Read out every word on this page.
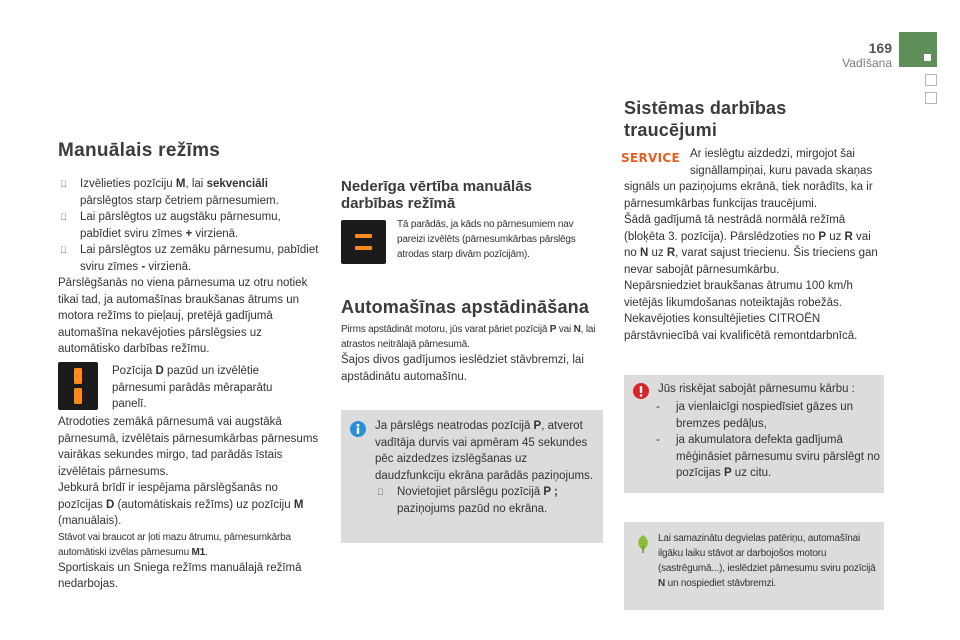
169
Vadīšana
Manuālais režīms
Izvēlieties pozīciju M, lai sekvenciāli pārslēgtos starp četriem pārnesumiem.
Lai pārslēgtos uz augstāku pārnesumu, pabīdiet sviru zīmes + virzienā.
Lai pārslēgtos uz zemāku pārnesumu, pabīdiet sviru zīmes - virzienā.

Pārslēgšanās no viena pārnesuma uz otru notiek tikai tad, ja automašīnas braukšanas ātrums un motora režīms to pieļauj, pretējā gadījumā automašīna nekavējoties pārslēgsies uz automātisko darbības režīmu.

Pozīcija D pazūd un izvēlētie pārnesumi parādās mēraparātu panelī.

Atrodoties zemākā pārnesumā vai augstākā pārnesumā, izvēlētais pārnesumkārbas pārnesums vairākas sekundes mirgo, tad parādās īstais izvēlētais pārnesums.

Jebkurā brīdī ir iespējama pārslēgšanās no pozīcijas D (automātiskais režīms) uz pozīciju M (manuālais).

Stāvot vai braucot ar ļoti mazu ātrumu, pārnesumkārba automātiski izvēlas pārnesumu M1.

Sportiskais un Sniega režīms manuālajā režīmā nedarbojas.

Nederīga vērtība manuālās
darbības režīmā
Tā parādās, ja kāds no pārnesumiem nav pareizi izvēlēts (pārnesumkārbas pārslēgs atrodas starp divām pozīcijām).
Automašīnas apstādināšana
Pirms apstādināt motoru, jūs varat pāriet pozīcijā P vai N, lai atrastos neitrālajā pārnesumā.
Šajos divos gadījumos ieslēdziet stāvbremzi, lai apstādinātu automašīnu.
Ja pārslēgs neatrodas pozīcijā P, atverot vadītāja durvis vai apmēram 45 sekundes pēc aizdedzes izslēgšanas uz daudzfunkciju ekrāna parādās paziņojums.
Novietojiet pārslēgu pozīcijā P ; paziņojums pazūd no ekrāna.
Sistēmas darbības
traucējumi
SERVICE Ar ieslēgtu aizdedzi, mirgojot šai
signāllampiņai, kuru pavada skaņas

signāls un paziņojums ekrānā, tiek norādīts, ka ir pārnesumkārbas funkcijas traucējumi.

Šādā gadījumā tā nestrādā normālā režīmā (bloķēta 3. pozīcija). Pārslēdzoties no P uz R vai no N uz R, varat sajust triecienu. Šis trieciens gan nevar sabojāt pārnesumkārbu.

Nepārsniedziet braukšanas ātrumu 100 km/h vietējās likumdošanas noteiktajās robežās.

Nekavējoties konsultējieties CITROËN pārstāvniecībā vai kvalificētā remontdarbnīcā.

Jūs riskējat sabojāt pārnesumu kārbu :
- ja vienlaicīgi nospiedīsiet gāzes un bremzes pedāļus,
- ja akumulatora defekta gadījumā mēģināsiet pārnesumu sviru pārslēgt no pozīcijas P uz citu.
Lai samazinātu degvielas patēriņu, automašīnai ilgāku laiku stāvot ar darbojošos motoru (sastrēgumā...), ieslēdziet pārnesumu sviru pozīcijā N un nospiediet stāvbremzi.
